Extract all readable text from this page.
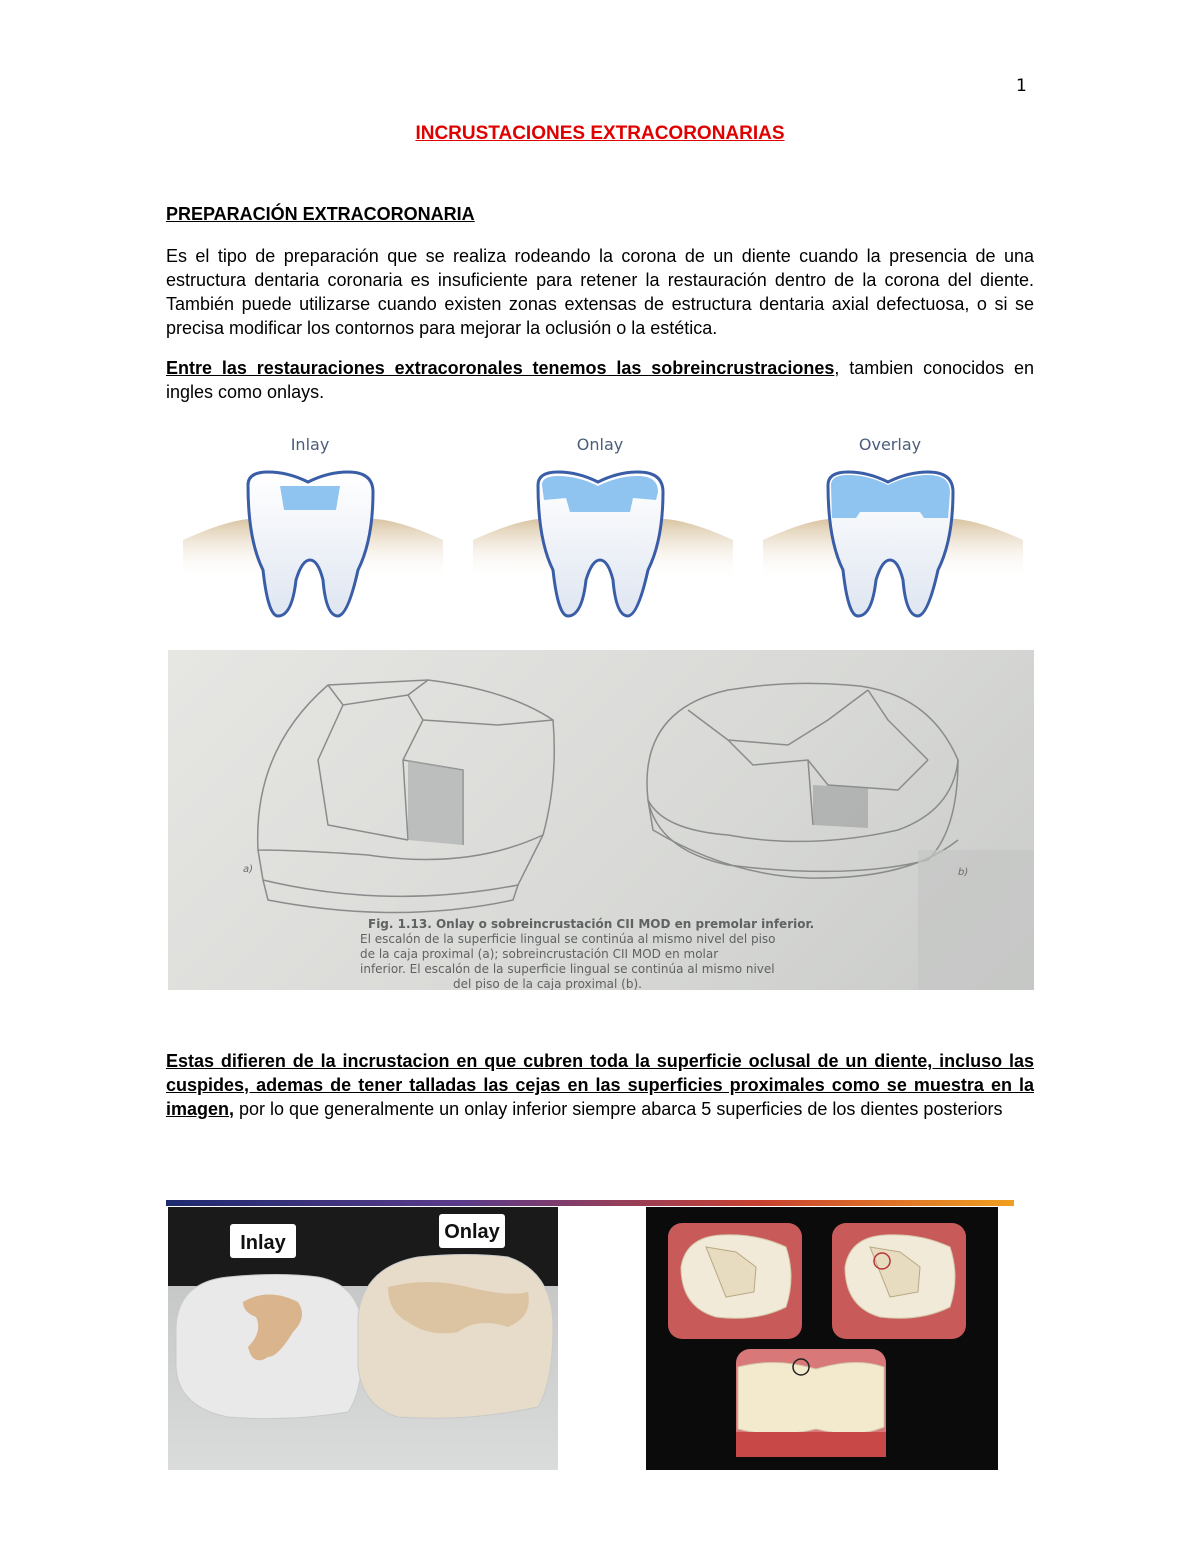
1
INCRUSTACIONES EXTRACORONARIAS
PREPARACIÓN EXTRACORONARIA
Es el tipo de preparación que se realiza rodeando la corona de un diente cuando la presencia de una estructura dentaria coronaria es insuficiente para retener la restauración dentro de la corona del diente. También puede utilizarse cuando existen zonas extensas de estructura dentaria axial defectuosa, o si se precisa modificar los contornos para mejorar la oclusión o la estética.
Entre las restauraciones extracoronales tenemos las sobreincrustraciones, tambien conocidos en ingles como onlays.
Inlay	Onlay	Overlay
a)	b)
Fig. 1.13. Onlay o sobreincrustación CII MOD en premolar inferior.
El escalón de la superficie lingual se continúa al mismo nivel del piso
de la caja proximal (a); sobreincrustación CII MOD en molar
inferior. El escalón de la superficie lingual se continúa al mismo nivel
del piso de la caja proximal (b).
Estas difieren de la incrustacion en que cubren toda la superficie oclusal de un diente, incluso las cuspides, ademas de tener talladas las cejas en las superficies proximales como se muestra en la imagen, por lo que generalmente un onlay inferior siempre abarca 5 superficies de los dientes posteriors
Inlay	Onlay
